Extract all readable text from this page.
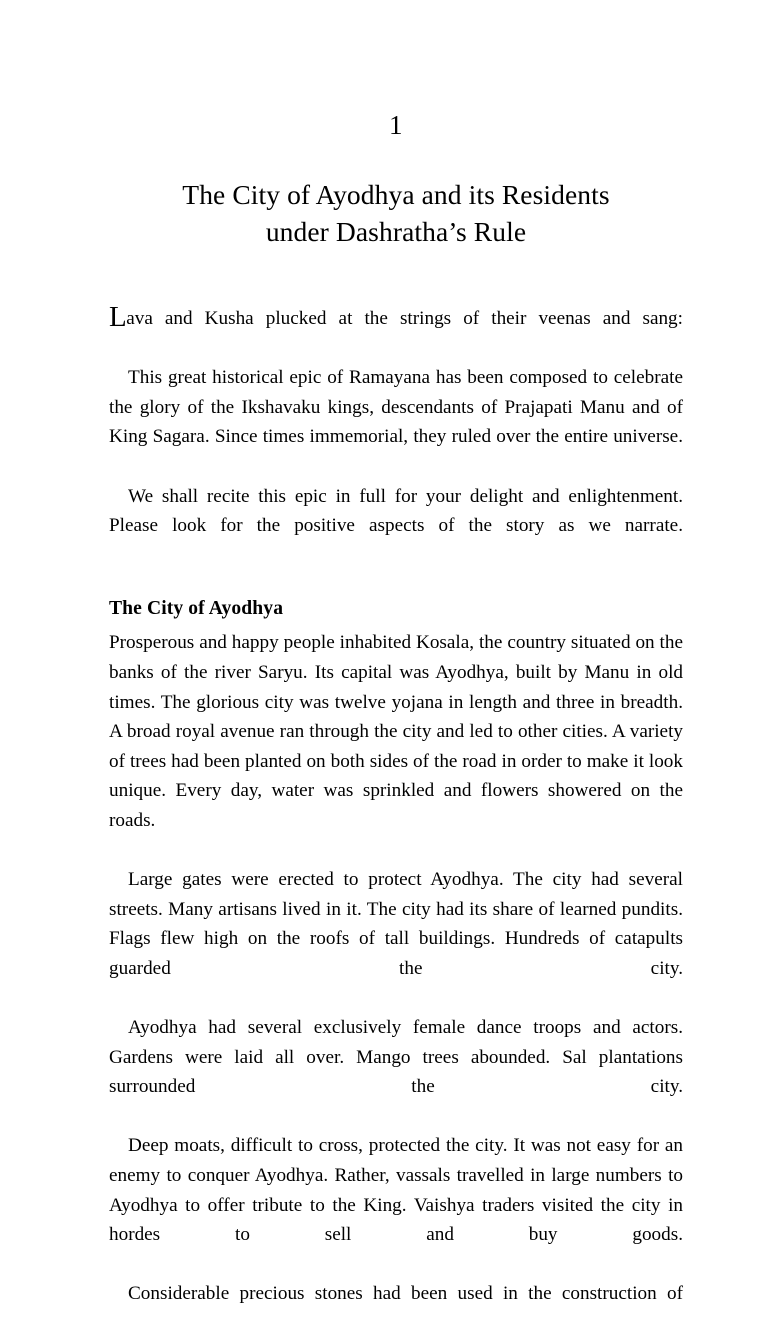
1
The City of Ayodhya and its Residents
under Dashratha’s Rule

Lava and Kusha plucked at the strings of their veenas and sang:

This great historical epic of Ramayana has been composed to celebrate the glory of the Ikshavaku kings, descendants of Prajapati Manu and of King Sagara. Since times immemorial, they ruled over the entire universe.

We shall recite this epic in full for your delight and enlightenment. Please look for the positive aspects of the story as we narrate.

The City of Ayodhya

Prosperous and happy people inhabited Kosala, the country situated on the banks of the river Saryu. Its capital was Ayodhya, built by Manu in old times. The glorious city was twelve yojana in length and three in breadth. A broad royal avenue ran through the city and led to other cities. A variety of trees had been planted on both sides of the road in order to make it look unique. Every day, water was sprinkled and flowers showered on the roads.

Large gates were erected to protect Ayodhya. The city had several streets. Many artisans lived in it. The city had its share of learned pundits. Flags flew high on the roofs of tall buildings. Hundreds of catapults guarded the city.

Ayodhya had several exclusively female dance troops and actors. Gardens were laid all over. Mango trees abounded. Sal plantations surrounded the city.

Deep moats, difficult to cross, protected the city. It was not easy for an enemy to conquer Ayodhya. Rather, vassals travelled in large numbers to Ayodhya to offer tribute to the King. Vaishya traders visited the city in hordes to sell and buy goods.

Considerable precious stones had been used in the construction of
